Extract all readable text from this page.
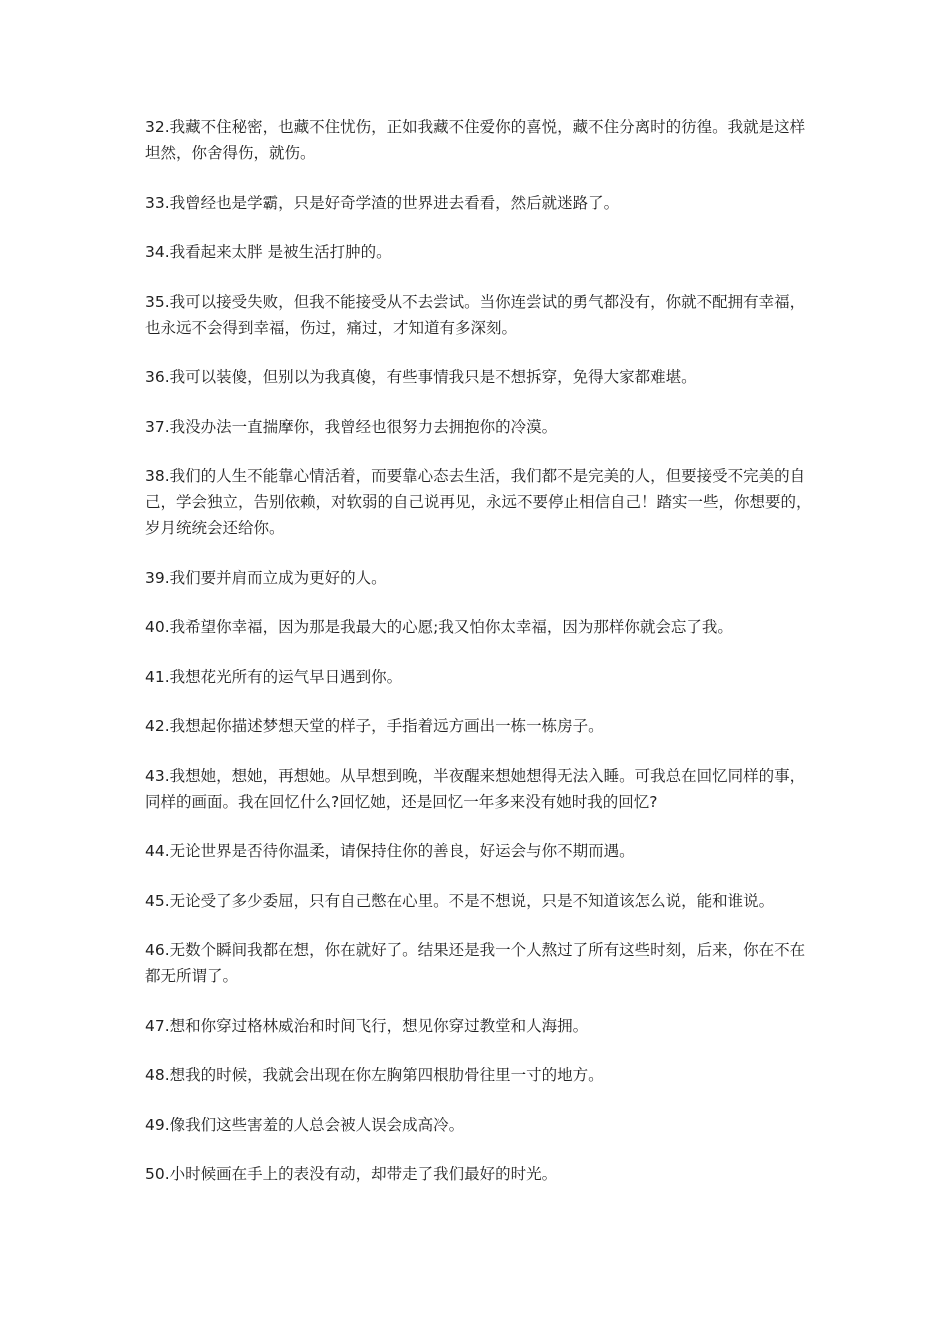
32.我藏不住秘密，也藏不住忧伤，正如我藏不住爱你的喜悦，藏不住分离时的彷徨。我就是这样坦然，你舍得伤，就伤。

33.我曾经也是学霸，只是好奇学渣的世界进去看看，然后就迷路了。

34.我看起来太胖 是被生活打肿的。

35.我可以接受失败，但我不能接受从不去尝试。当你连尝试的勇气都没有，你就不配拥有幸福，也永远不会得到幸福，伤过，痛过，才知道有多深刻。

36.我可以装傻，但别以为我真傻，有些事情我只是不想拆穿，免得大家都难堪。

37.我没办法一直揣摩你，我曾经也很努力去拥抱你的冷漠。

38.我们的人生不能靠心情活着，而要靠心态去生活，我们都不是完美的人，但要接受不完美的自己，学会独立，告别依赖，对软弱的自己说再见，永远不要停止相信自己！踏实一些，你想要的，岁月统统会还给你。

39.我们要并肩而立成为更好的人。

40.我希望你幸福，因为那是我最大的心愿;我又怕你太幸福，因为那样你就会忘了我。

41.我想花光所有的运气早日遇到你。

42.我想起你描述梦想天堂的样子，手指着远方画出一栋一栋房子。

43.我想她，想她，再想她。从早想到晚，半夜醒来想她想得无法入睡。可我总在回忆同样的事，同样的画面。我在回忆什么?回忆她，还是回忆一年多来没有她时我的回忆?

44.无论世界是否待你温柔，请保持住你的善良，好运会与你不期而遇。

45.无论受了多少委屈，只有自己憋在心里。不是不想说，只是不知道该怎么说，能和谁说。

46.无数个瞬间我都在想，你在就好了。结果还是我一个人熬过了所有这些时刻，后来，你在不在都无所谓了。

47.想和你穿过格林威治和时间飞行，想见你穿过教堂和人海拥。

48.想我的时候，我就会出现在你左胸第四根肋骨往里一寸的地方。

49.像我们这些害羞的人总会被人误会成高冷。

50.小时候画在手上的表没有动，却带走了我们最好的时光。
